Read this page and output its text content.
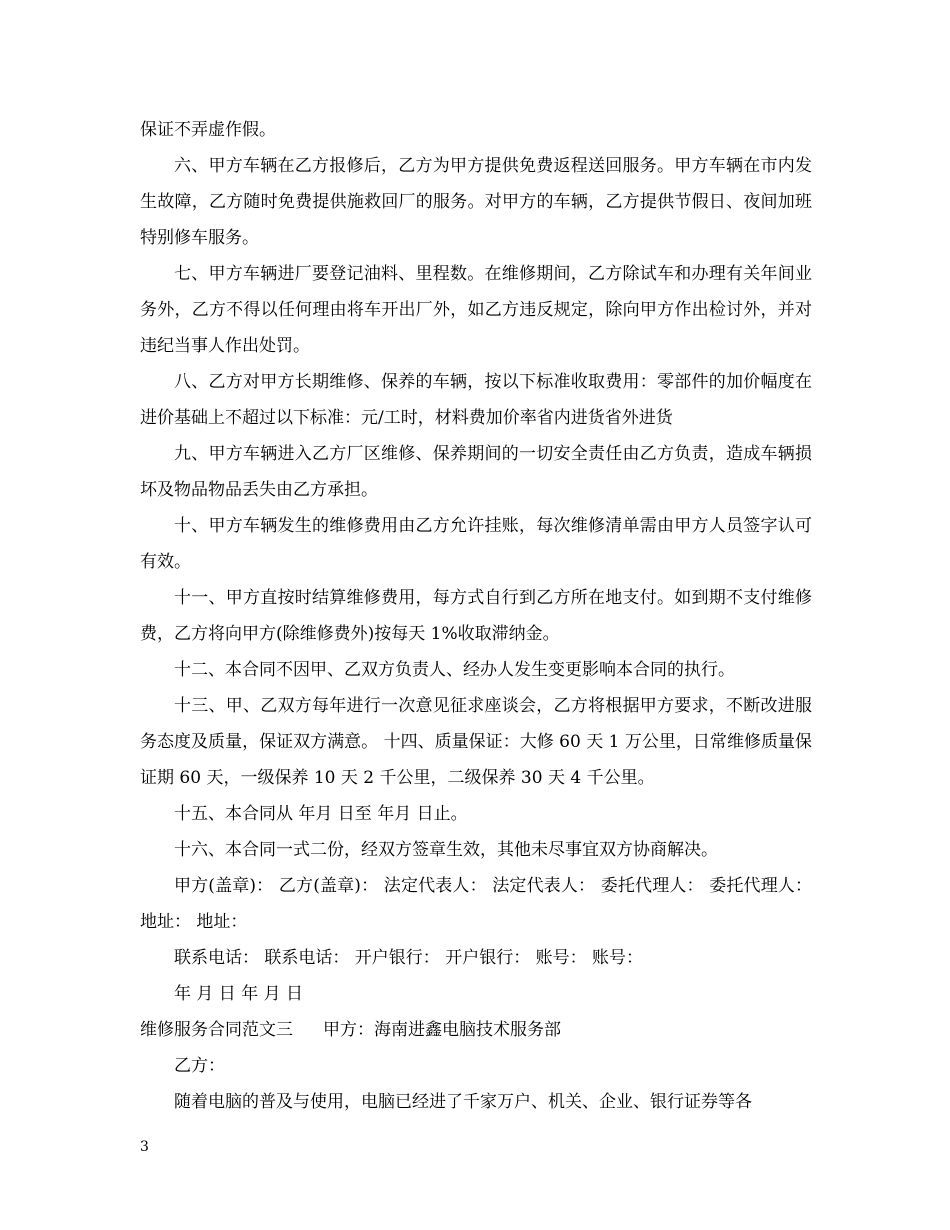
保证不弄虚作假。

六、甲方车辆在乙方报修后，乙方为甲方提供免费返程送回服务。甲方车辆在市内发生故障，乙方随时免费提供施救回厂的服务。对甲方的车辆，乙方提供节假日、夜间加班特别修车服务。

七、甲方车辆进厂要登记油料、里程数。在维修期间，乙方除试车和办理有关年间业务外，乙方不得以任何理由将车开出厂外，如乙方违反规定，除向甲方作出检讨外，并对违纪当事人作出处罚。

八、乙方对甲方长期维修、保养的车辆，按以下标准收取费用：零部件的加价幅度在进价基础上不超过以下标准：元/工时，材料费加价率省内进货省外进货

九、甲方车辆进入乙方厂区维修、保养期间的一切安全责任由乙方负责，造成车辆损坏及物品物品丢失由乙方承担。

十、甲方车辆发生的维修费用由乙方允许挂账，每次维修清单需由甲方人员签字认可有效。

十一、甲方直按时结算维修费用，每方式自行到乙方所在地支付。如到期不支付维修费，乙方将向甲方(除维修费外)按每天 1%收取滞纳金。

十二、本合同不因甲、乙双方负责人、经办人发生变更影响本合同的执行。

十三、甲、乙双方每年进行一次意见征求座谈会，乙方将根据甲方要求，不断改进服务态度及质量，保证双方满意。 十四、质量保证：大修 60 天 1 万公里，日常维修质量保证期 60 天，一级保养 10 天 2 千公里，二级保养 30 天 4 千公里。

十五、本合同从 年月 日至 年月 日止。

十六、本合同一式二份，经双方签章生效，其他未尽事宜双方协商解决。

甲方(盖章)： 乙方(盖章)： 法定代表人： 法定代表人： 委托代理人： 委托代理人： 地址： 地址：

联系电话： 联系电话： 开户银行： 开户银行： 账号： 账号：

年 月 日 年 月 日

维修服务合同范文三 甲方：海南进鑫电脑技术服务部

乙方：

随着电脑的普及与使用，电脑已经进了千家万户、机关、企业、银行证券等各

3
